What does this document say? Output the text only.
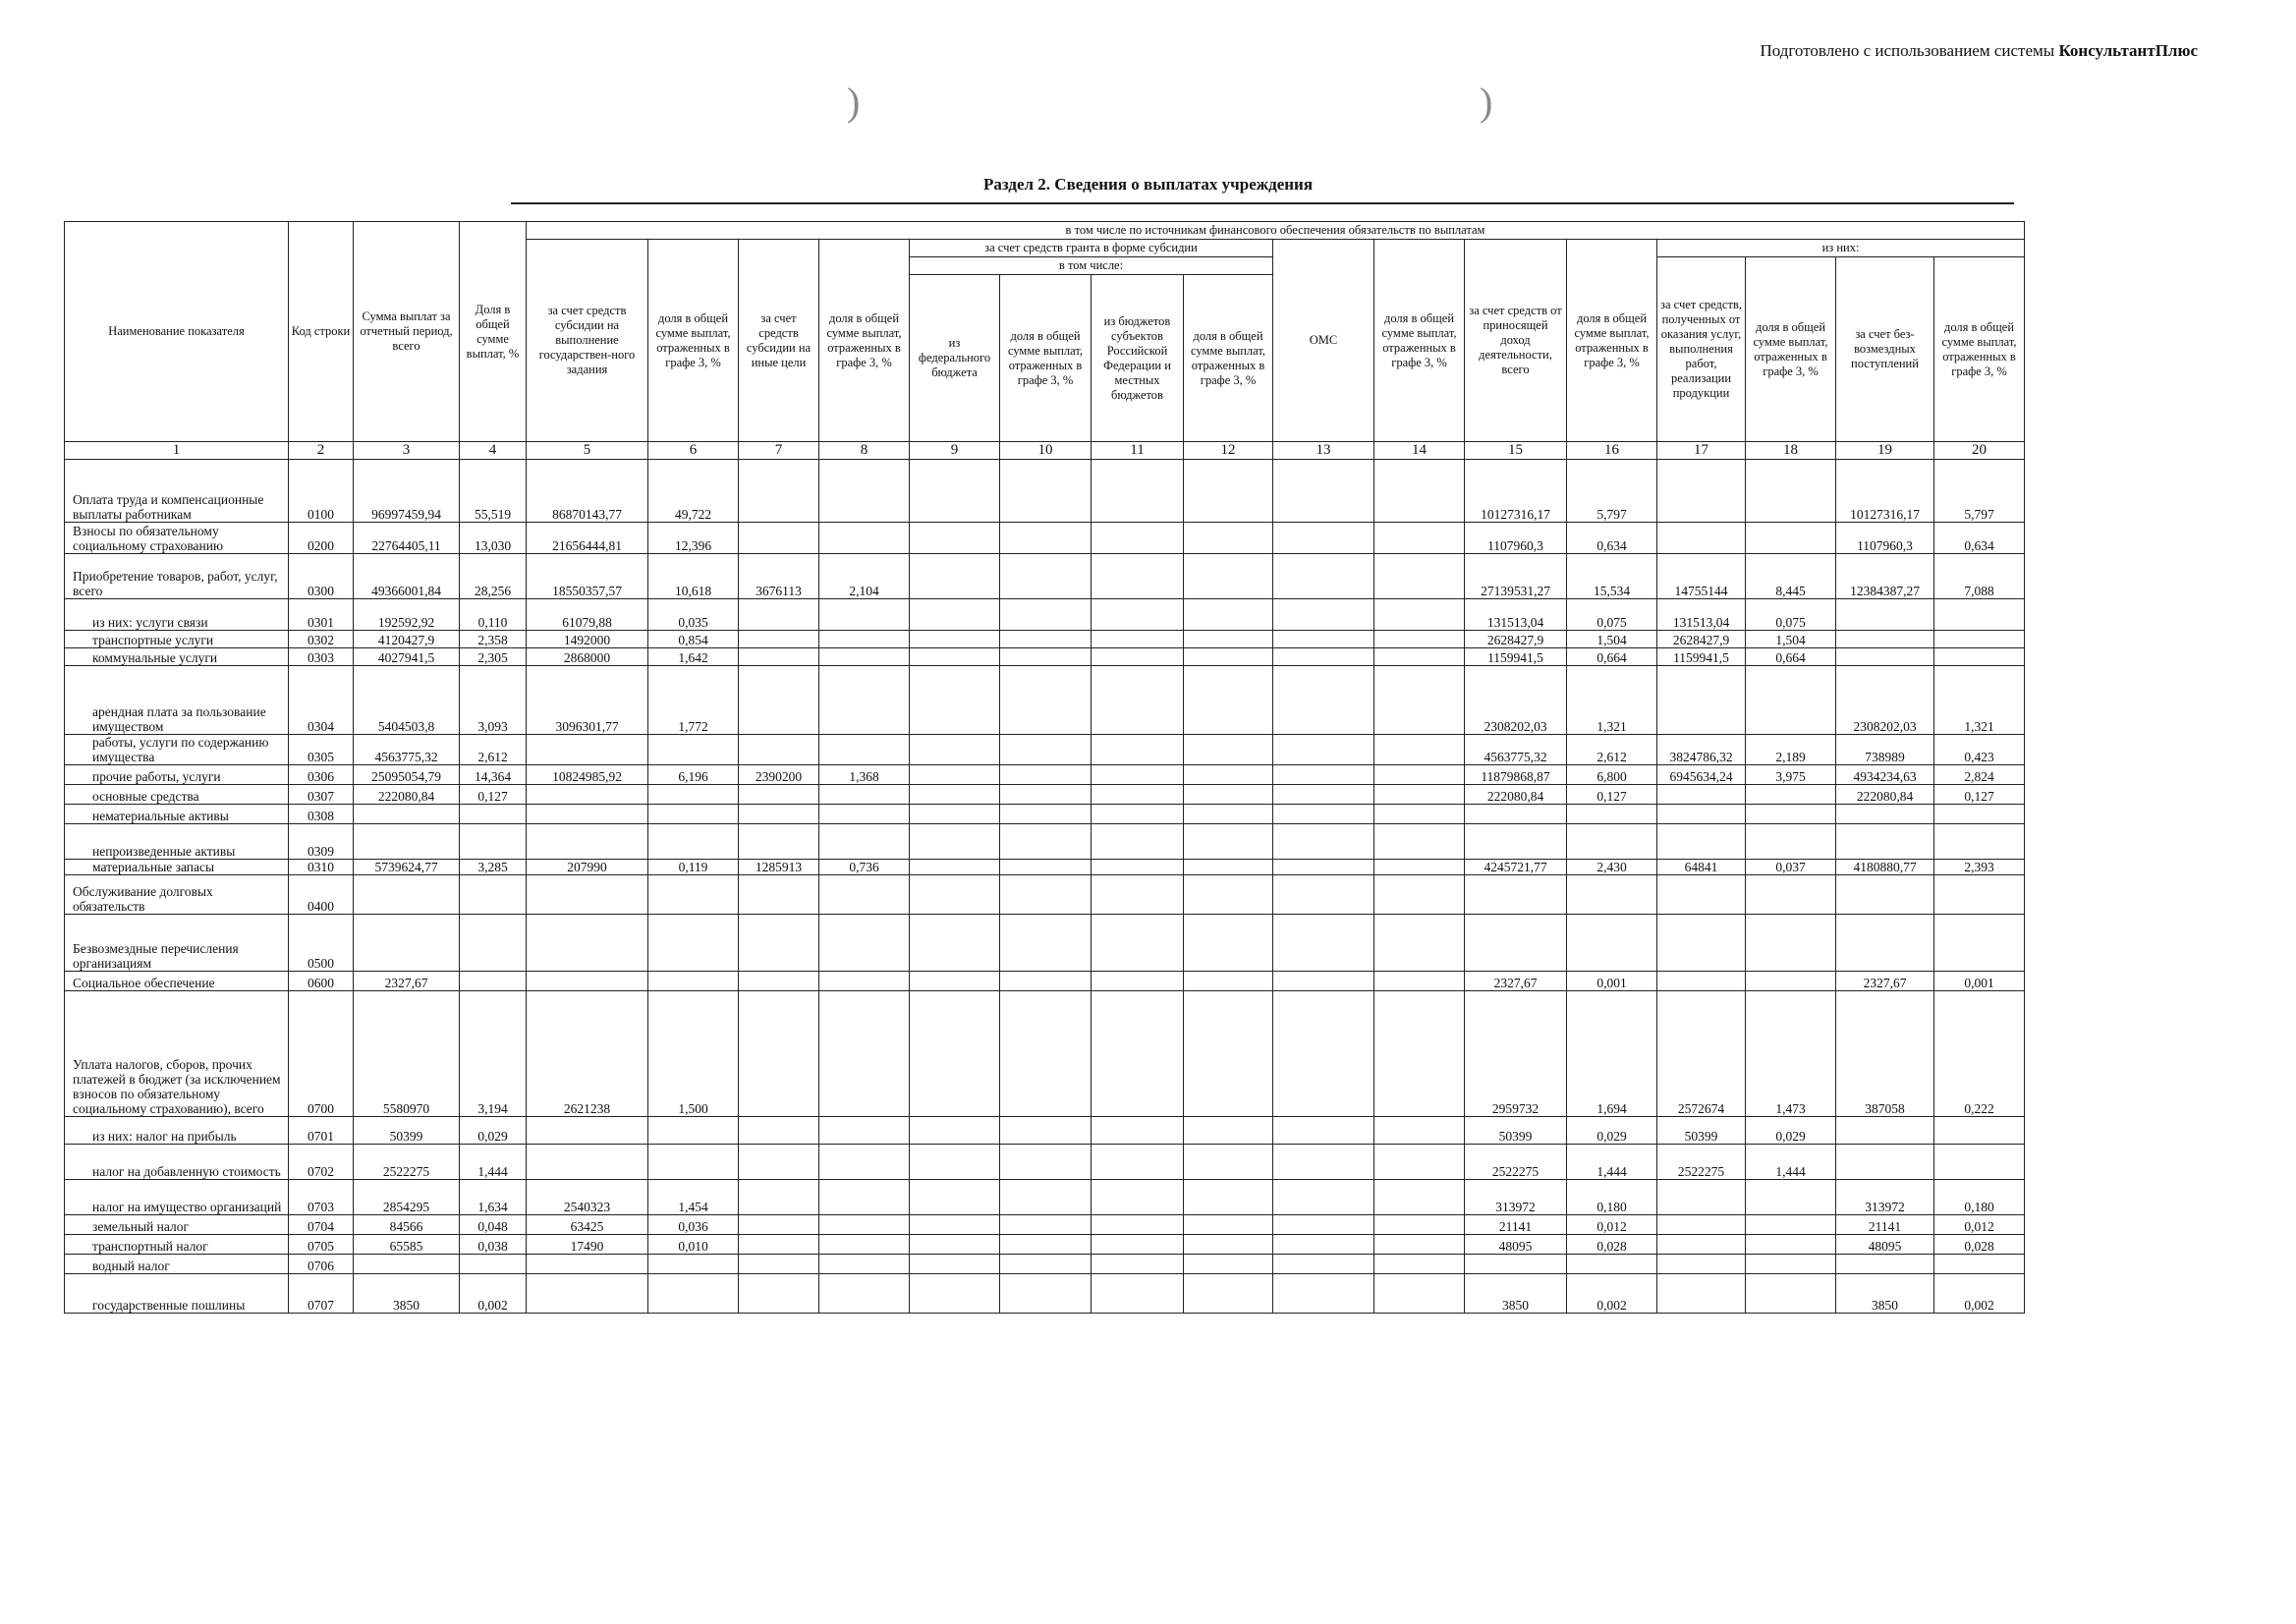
Подготовлено с использованием системы КонсультантПлюс
)	)
Раздел 2. Сведения о выплатах учреждения
Наименование показателя	Код строки	Сумма выплат за отчетный период, всего	Доля в общей сумме выплат, %	в том числе по источникам финансового обеспечения обязательств по выплатам															
				за счет средств субсидии на выполнение государствен-ного задания	доля в общей сумме выплат, отраженных в графе 3, %	за счет средств субсидии на иные цели	доля в общей сумме выплат, отраженных в графе 3, %	за счет средств гранта в форме субсидии				ОМС	доля в общей сумме выплат, отраженных в графе 3, %	за счет средств от приносящей доход деятельности, всего	доля в общей сумме выплат, отраженных в графе 3, %	из них:			
								в том числе:								за счет средств, полученных от оказания услуг, выполнения работ, реализации продукции	доля в общей сумме выплат, отраженных в графе 3, %	за счет без-возмездных поступлений	доля в общей сумме выплат, отраженных в графе 3, %
								из федерального бюджета	доля в общей сумме выплат, отраженных в графе 3, %	из бюджетов субъектов Российской Федерации и местных бюджетов	доля в общей сумме выплат, отраженных в графе 3, %								
1	2	3	4	5	6	7	8	9	10	11	12	13	14	15	16	17	18	19	20
Оплата труда и компенсационные выплаты работникам	0100	96997459,94	55,519	86870143,77	49,722									10127316,17	5,797			10127316,17	5,797
Взносы по обязательному социальному страхованию	0200	22764405,11	13,030	21656444,81	12,396									1107960,3	0,634			1107960,3	0,634
Приобретение товаров, работ, услуг, всего	0300	49366001,84	28,256	18550357,57	10,618	3676113	2,104							27139531,27	15,534	14755144	8,445	12384387,27	7,088
из них: услуги связи	0301	192592,92	0,110	61079,88	0,035									131513,04	0,075	131513,04	0,075		
транспортные услуги	0302	4120427,9	2,358	1492000	0,854									2628427,9	1,504	2628427,9	1,504		
коммунальные услуги	0303	4027941,5	2,305	2868000	1,642									1159941,5	0,664	1159941,5	0,664		
арендная плата за пользование имуществом	0304	5404503,8	3,093	3096301,77	1,772									2308202,03	1,321			2308202,03	1,321
работы, услуги по содержанию имущества	0305	4563775,32	2,612											4563775,32	2,612	3824786,32	2,189	738989	0,423
прочие работы, услуги	0306	25095054,79	14,364	10824985,92	6,196	2390200	1,368							11879868,87	6,800	6945634,24	3,975	4934234,63	2,824
основные средства	0307	222080,84	0,127											222080,84	0,127			222080,84	0,127
нематериальные активы	0308																		
непроизведенные активы	0309																		
материальные запасы	0310	5739624,77	3,285	207990	0,119	1285913	0,736							4245721,77	2,430	64841	0,037	4180880,77	2,393
Обслуживание долговых обязательств	0400																		
Безвозмездные перечисления организациям	0500																		
Социальное обеспечение	0600	2327,67												2327,67	0,001			2327,67	0,001
Уплата налогов, сборов, прочих платежей в бюджет (за исключением взносов по обязательному социальному страхованию), всего	0700	5580970	3,194	2621238	1,500									2959732	1,694	2572674	1,473	387058	0,222
из них: налог на прибыль	0701	50399	0,029											50399	0,029	50399	0,029		
налог на добавленную стоимость	0702	2522275	1,444											2522275	1,444	2522275	1,444		
налог на имущество организаций	0703	2854295	1,634	2540323	1,454									313972	0,180			313972	0,180
земельный налог	0704	84566	0,048	63425	0,036									21141	0,012			21141	0,012
транспортный налог	0705	65585	0,038	17490	0,010									48095	0,028			48095	0,028
водный налог	0706																		
государственные пошлины	0707	3850	0,002											3850	0,002			3850	0,002
